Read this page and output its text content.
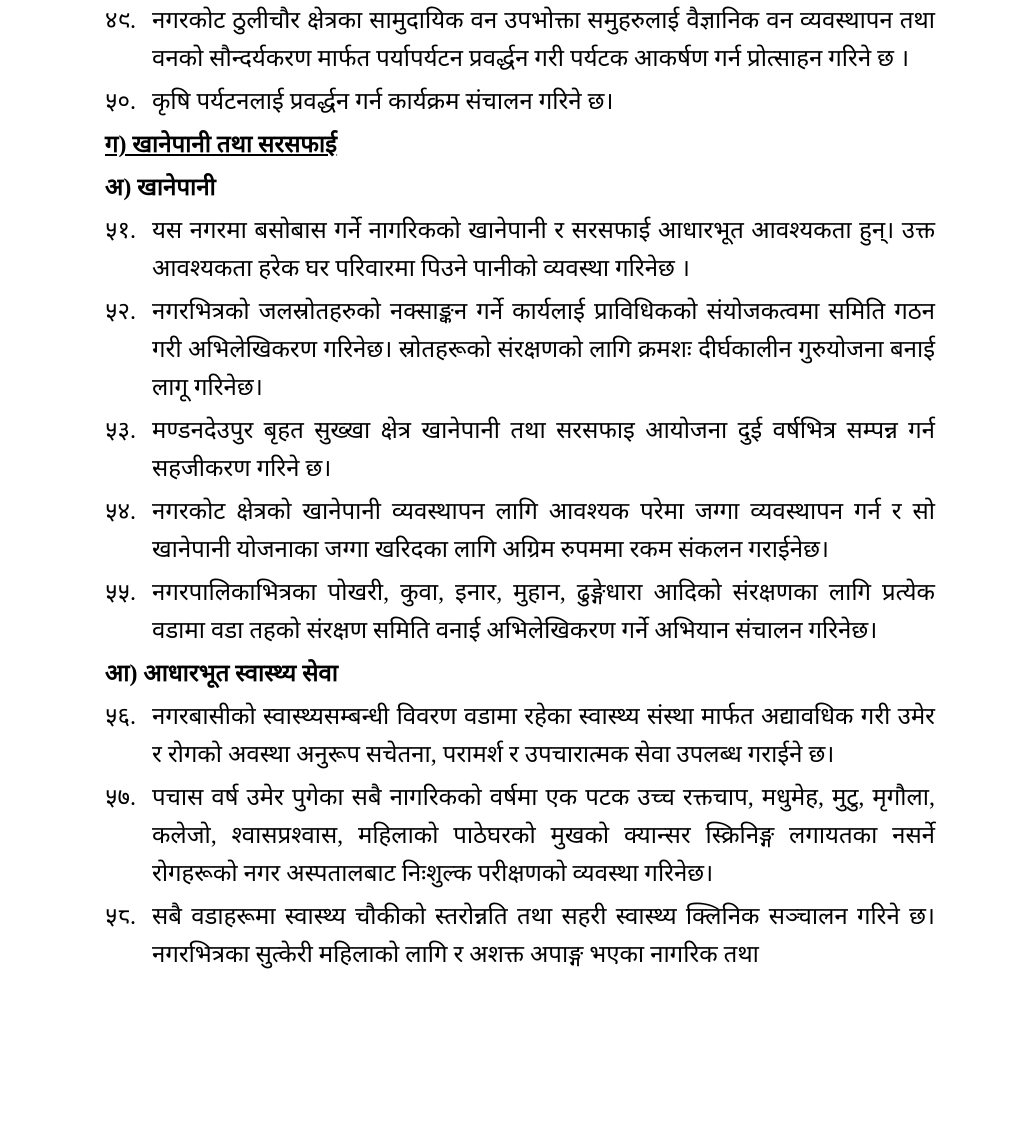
४९. नगरकोट ठुलीचौर क्षेत्रका सामुदायिक वन उपभोक्ता समुहरुलाई वैज्ञानिक वन व्यवस्थापन तथा वनको सौन्दर्यकरण मार्फत पर्यापर्यटन प्रवर्द्धन गरी पर्यटक आकर्षण गर्न प्रोत्साहन गरिने छ ।
५०. कृषि पर्यटनलाई प्रवर्द्धन गर्न कार्यक्रम संचालन गरिने छ।

ग) खानेपानी तथा सरसफाई

अ) खानेपानी

५१. यस नगरमा बसोबास गर्ने नागरिकको खानेपानी र सरसफाई आधारभूत आवश्यकता हुन्। उक्त आवश्यकता हरेक घर परिवारमा पिउने पानीको व्यवस्था गरिनेछ ।
५२. नगरभित्रको जलस्रोतहरुको नक्साङ्कन गर्ने कार्यलाई प्राविधिकको संयोजकत्वमा समिति गठन गरी अभिलेखिकरण गरिनेछ। स्रोतहरूको संरक्षणको लागि क्रमशः दीर्घकालीन गुरुयोजना बनाई लागू गरिनेछ।
५३. मण्डनदेउपुर बृहत सुख्खा क्षेत्र खानेपानी तथा सरसफाइ आयोजना दुई वर्षभित्र सम्पन्न गर्न सहजीकरण गरिने छ।
५४. नगरकोट क्षेत्रको खानेपानी व्यवस्थापन लागि आवश्यक परेमा जग्गा व्यवस्थापन गर्न र सो खानेपानी योजनाका जग्गा खरिदका लागि अग्रिम रुपममा रकम संकलन गराईनेछ।
५५. नगरपालिकाभित्रका पोखरी, कुवा, इनार, मुहान, ढुङ्गेधारा आदिको संरक्षणका लागि प्रत्येक वडामा वडा तहको संरक्षण समिति वनाई अभिलेखिकरण गर्ने अभियान संचालन गरिनेछ।

आ) आधारभूत स्वास्थ्य सेवा

५६. नगरबासीको स्वास्थ्यसम्बन्धी विवरण वडामा रहेका स्वास्थ्य संस्था मार्फत अद्यावधिक गरी उमेर र रोगको अवस्था अनुरूप सचेतना, परामर्श र उपचारात्मक सेवा उपलब्ध गराईने छ।
५७. पचास वर्ष उमेर पुगेका सबै नागरिकको वर्षमा एक पटक उच्च रक्तचाप, मधुमेह, मुटु, मृगौला, कलेजो, श्वासप्रश्वास, महिलाको पाठेघरको मुखको क्यान्सर स्क्रिनिङ्ग लगायतका नसर्ने रोगहरूको नगर अस्पतालबाट निःशुल्क परीक्षणको व्यवस्था गरिनेछ।
५८. सबै वडाहरूमा स्वास्थ्य चौकीको स्तरोन्नति तथा सहरी स्वास्थ्य क्लिनिक सञ्चालन गरिने छ।नगरभित्रका सुत्केरी महिलाको लागि र अशक्त अपाङ्ग भएका नागरिक तथा
